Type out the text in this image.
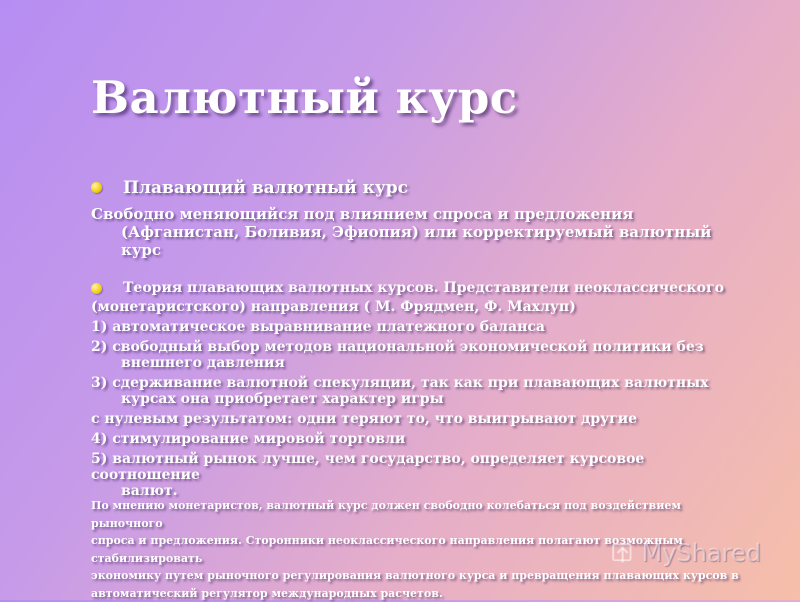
Валютный курс
Плавающий валютный курс
Свободно меняющийся под влиянием спроса и предложения
(Афганистан, Боливия, Эфиопия) или корректируемый валютный
курс
Теория плавающих валютных курсов. Представители неоклассического
(монетаристского) направления ( М. Фрядмен, Ф. Махлуп)
1) автоматическое выравнивание платежного баланса
2) свободный выбор методов национальной экономической политики без
внешнего давления
3) сдерживание валютной спекуляции, так как при плавающих валютных
курсах она приобретает характер игры
с нулевым результатом: одни теряют то, что выигрывают другие
4) стимулирование мировой торговли
5) валютный рынок лучше, чем государство, определяет курсовое соотношение
валют.
По мнению монетаристов, валютный курс должен свободно колебаться под воздействием рыночного
спроса и предложения. Сторонники неоклассического направления полагают возможным стабилизировать
экономику путем рыночного регулирования валютного курса и превращения плавающих курсов в
автоматический регулятор международных расчетов.
MyShared
